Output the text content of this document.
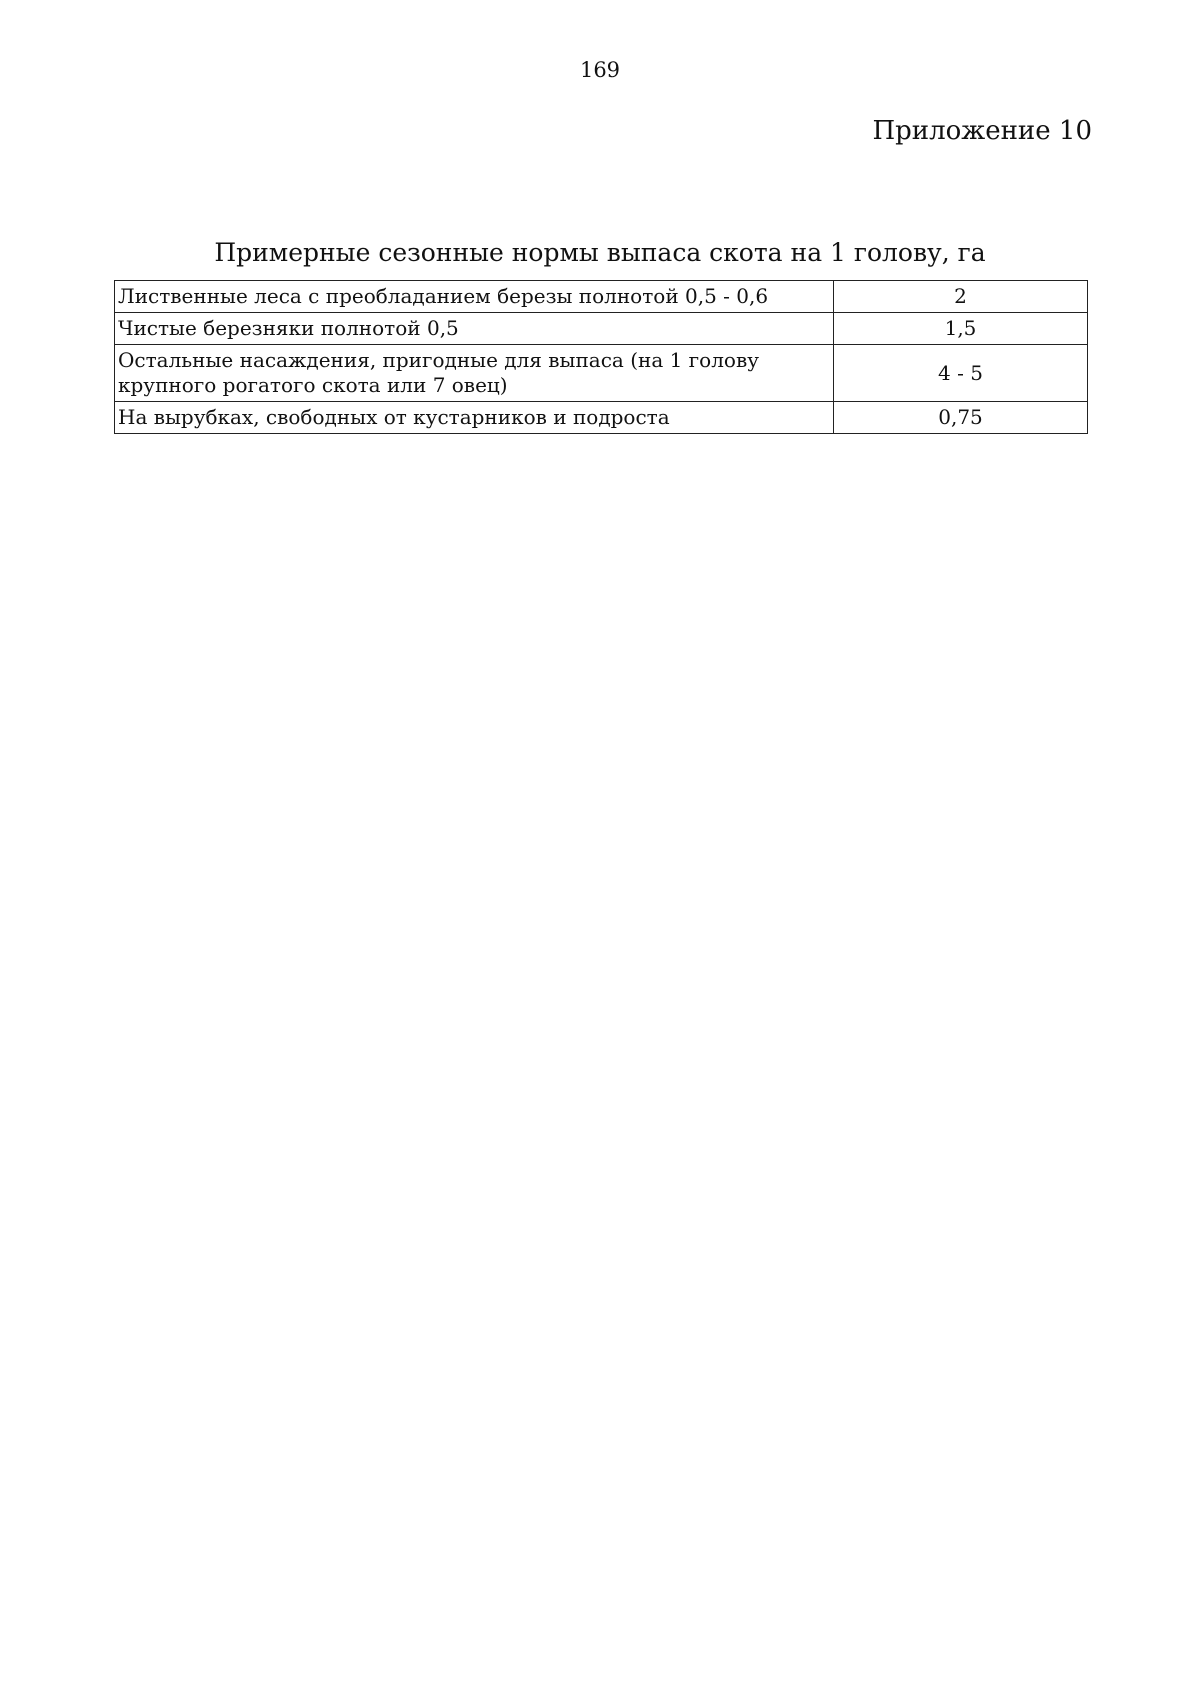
169
Приложение 10
Примерные сезонные нормы выпаса скота на 1 голову, га
Лиственные леса с преобладанием березы полнотой 0,5 - 0,6	2
Чистые березняки полнотой 0,5	1,5
Остальные насаждения, пригодные для выпаса (на 1 голову крупного рогатого скота или 7 овец)	4 - 5
На вырубках, свободных от кустарников и подроста	0,75
